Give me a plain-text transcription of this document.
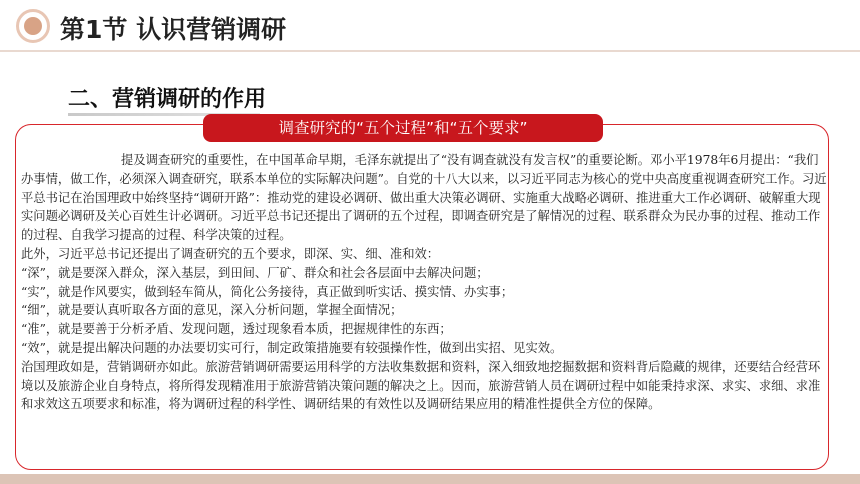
第1节 认识营销调研
二、营销调研的作用
调查研究的“五个过程”和“五个要求”

提及调查研究的重要性，在中国革命早期，毛泽东就提出了“没有调查就没有发言权”的重要论断。邓小平1978年6月提出：“我们办事情，做工作，必须深入调查研究，联系本单位的实际解决问题”。自党的十八大以来，以习近平同志为核心的党中央高度重视调查研究工作。习近平总书记在治国理政中始终坚持“调研开路”：推动党的建设必调研、做出重大决策必调研、实施重大战略必调研、推进重大工作必调研、破解重大现实问题必调研及关心百姓生计必调研。习近平总书记还提出了调研的五个过程，即调查研究是了解情况的过程、联系群众为民办事的过程、推动工作的过程、自我学习提高的过程、科学决策的过程。

此外，习近平总书记还提出了调查研究的五个要求，即深、实、细、准和效：

“深”，就是要深入群众，深入基层，到田间、厂矿、群众和社会各层面中去解决问题；

“实”，就是作风要实，做到轻车简从，简化公务接待，真正做到听实话、摸实情、办实事；

“细”，就是要认真听取各方面的意见，深入分析问题，掌握全面情况；

“准”，就是要善于分析矛盾、发现问题，透过现象看本质，把握规律性的东西；

“效”，就是提出解决问题的办法要切实可行，制定政策措施要有较强操作性，做到出实招、见实效。

治国理政如是，营销调研亦如此。旅游营销调研需要运用科学的方法收集数据和资料，深入细致地挖掘数据和资料背后隐藏的规律，还要结合经营环境以及旅游企业自身特点，将所得发现精准用于旅游营销决策问题的解决之上。因而，旅游营销人员在调研过程中如能秉持求深、求实、求细、求准和求效这五项要求和标准，将为调研过程的科学性、调研结果的有效性以及调研结果应用的精准性提供全方位的保障。
